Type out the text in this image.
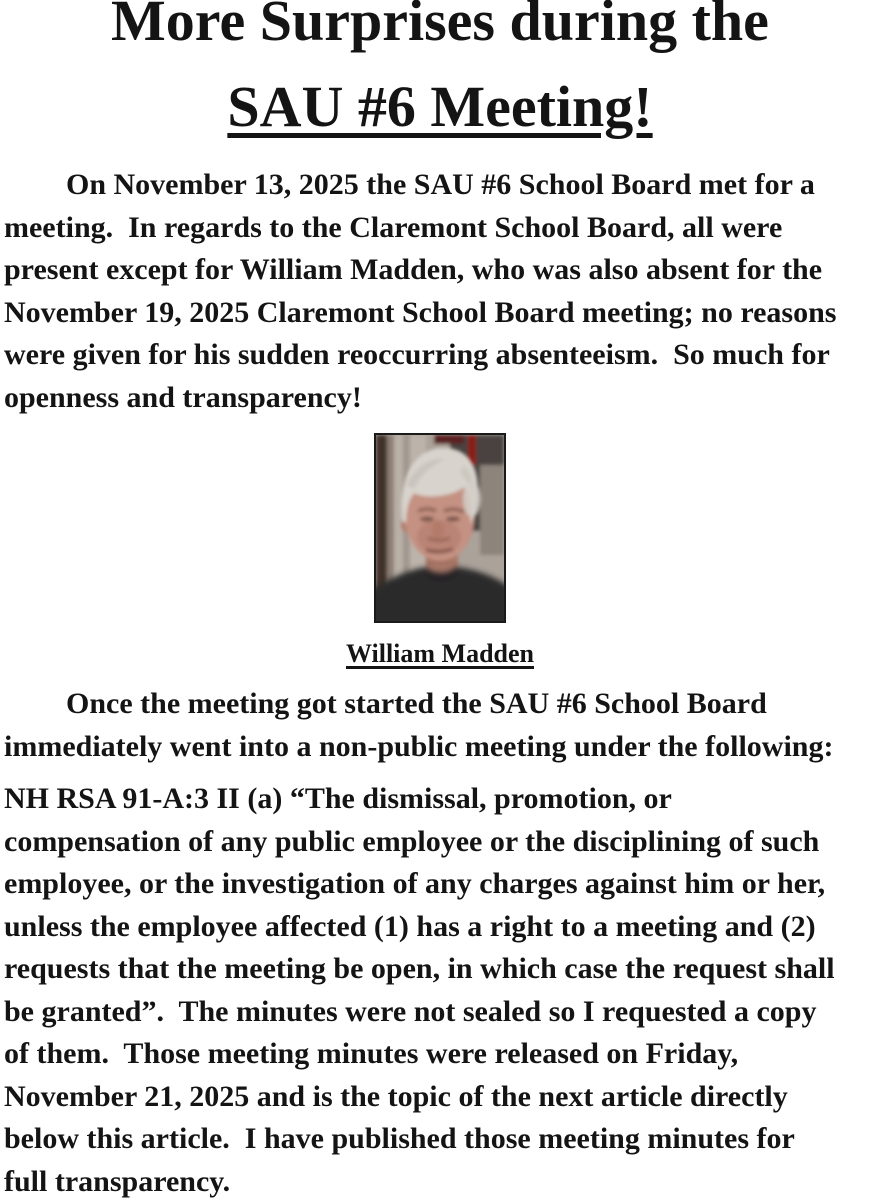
More Surprises during the
SAU #6 Meeting!
On November 13, 2025 the SAU #6 School Board met for a
meeting.  In regards to the Claremont School Board, all were
present except for William Madden, who was also absent for the
November 19, 2025 Claremont School Board meeting; no reasons
were given for his sudden reoccurring absenteeism.  So much for
openness and transparency!
William Madden
Once the meeting got started the SAU #6 School Board
immediately went into a non-public meeting under the following:
NH RSA 91-A:3 II (a) “The dismissal, promotion, or
compensation of any public employee or the disciplining of such
employee, or the investigation of any charges against him or her,
unless the employee affected (1) has a right to a meeting and (2)
requests that the meeting be open, in which case the request shall
be granted”.  The minutes were not sealed so I requested a copy
of them.  Those meeting minutes were released on Friday,
November 21, 2025 and is the topic of the next article directly
below this article.  I have published those meeting minutes for
full transparency.
